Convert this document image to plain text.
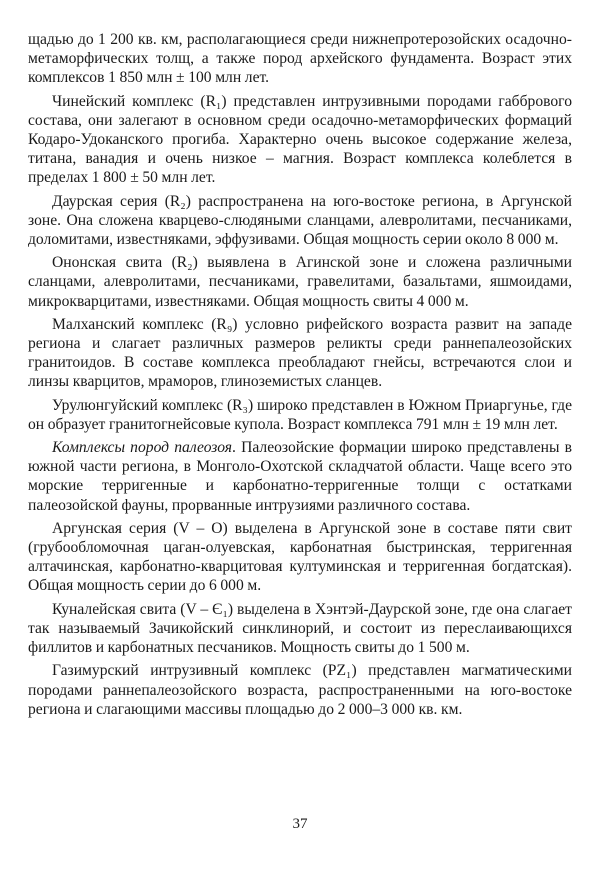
щадью до 1 200 кв. км, располагающиеся среди нижнепротерозойских осадочно-метаморфических толщ, а также пород архейского фундамента. Возраст этих комплексов 1 850 млн ± 100 млн лет.

Чинейский комплекс (R₁) представлен интрузивными породами габбрового состава, они залегают в основном среди осадочно-метаморфических формаций Кодаро-Удоканского прогиба. Характерно очень высокое содержание железа, титана, ванадия и очень низкое – магния. Возраст комплекса колеблется в пределах 1 800 ± 50 млн лет.

Даурская серия (R₂) распространена на юго-востоке региона, в Аргунской зоне. Она сложена кварцево-слюдяными сланцами, алевролитами, песчаниками, доломитами, известняками, эффузивами. Общая мощность серии около 8 000 м.

Ононская свита (R₂) выявлена в Агинской зоне и сложена различными сланцами, алевролитами, песчаниками, гравелитами, базальтами, яшмоидами, микрокварцитами, известняками. Общая мощность свиты 4 000 м.

Малханский комплекс (R₉) условно рифейского возраста развит на западе региона и слагает различных размеров реликты среди раннепалеозойских гранитоидов. В составе комплекса преобладают гнейсы, встречаются слои и линзы кварцитов, мраморов, глиноземистых сланцев.

Урулюнгуйский комплекс (R₃) широко представлен в Южном Приаргунье, где он образует гранитогнейсовые купола. Возраст комплекса 791 млн ± 19 млн лет.

Комплексы пород палеозоя. Палеозойские формации широко представлены в южной части региона, в Монголо-Охотской складчатой области. Чаще всего это морские терригенные и карбонатно-терригенные толщи с остатками палеозойской фауны, прорванные интрузиями различного состава.

Аргунская серия (V – O) выделена в Аргунской зоне в составе пяти свит (грубообломочная цаган-олуевская, карбонатная быстринская, терригенная алтачинская, карбонатно-кварцитовая култуминская и терригенная богдатская). Общая мощность серии до 6 000 м.

Куналейская свита (V – Є₁) выделена в Хэнтэй-Даурской зоне, где она слагает так называемый Зачикойский синклинорий, и состоит из переслаивающихся филлитов и карбонатных песчаников. Мощность свиты до 1 500 м.

Газимурский интрузивный комплекс (PZ₁) представлен магматическими породами раннепалеозойского возраста, распространенными на юго-востоке региона и слагающими массивы площадью до 2 000–3 000 кв. км.

37
